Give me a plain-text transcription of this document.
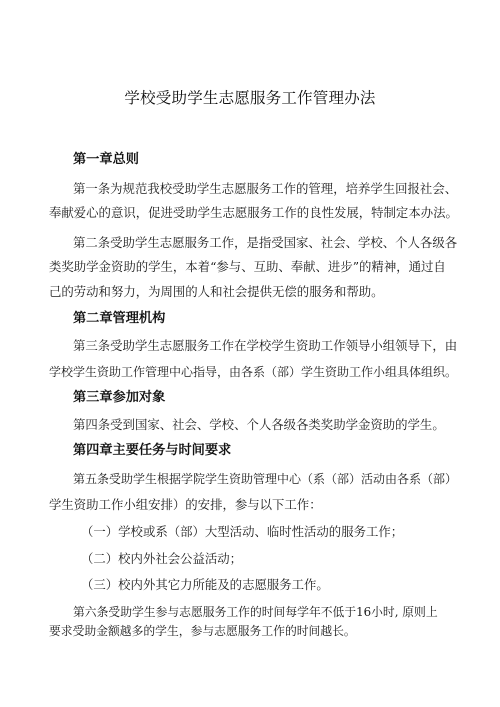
学校受助学生志愿服务工作管理办法
第一章总则
第一条为规范我校受助学生志愿服务工作的管理，培养学生回报社会、
奉献爱心的意识，促进受助学生志愿服务工作的良性发展，特制定本办法。
第二条受助学生志愿服务工作，是指受国家、社会、学校、个人各级各
类奖助学金资助的学生，本着“参与、互助、奉献、进步”的精神，通过自
己的劳动和努力，为周围的人和社会提供无偿的服务和帮助。
第二章管理机构
第三条受助学生志愿服务工作在学校学生资助工作领导小组领导下，由
学校学生资助工作管理中心指导，由各系（部）学生资助工作小组具体组织。
第三章参加对象
第四条受到国家、社会、学校、个人各级各类奖助学金资助的学生。
第四章主要任务与时间要求
第五条受助学生根据学院学生资助管理中心（系（部）活动由各系（部）
学生资助工作小组安排）的安排，参与以下工作：
（一）学校或系（部）大型活动、临时性活动的服务工作；
（二）校内外社会公益活动；
（三）校内外其它力所能及的志愿服务工作。
第六条受助学生参与志愿服务工作的时间每学年不低于16小时, 原则上
要求受助金额越多的学生，参与志愿服务工作的时间越长。
